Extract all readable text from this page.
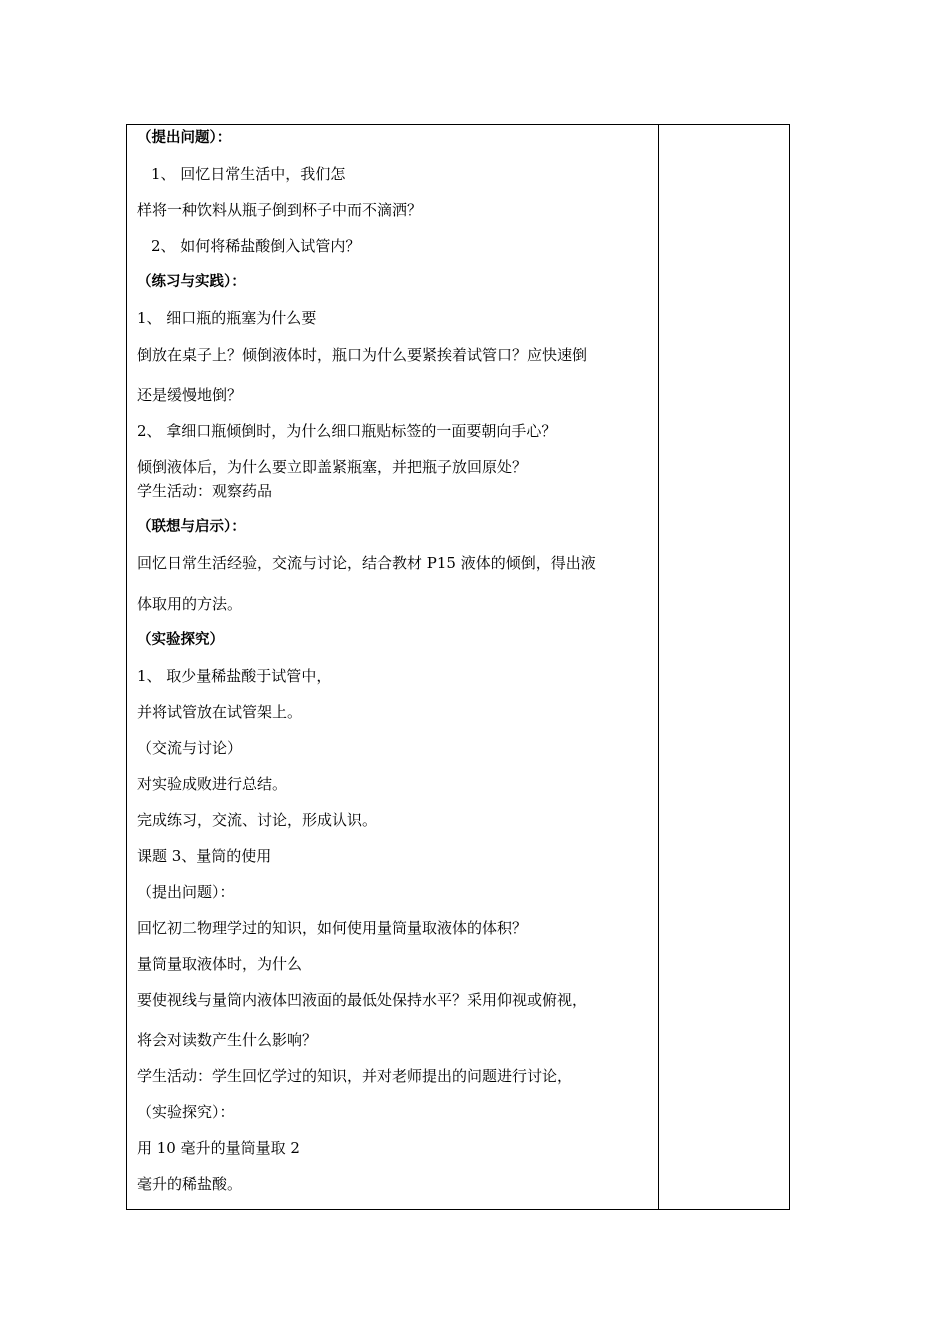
（提出问题）：
1、 回忆日常生活中，我们怎
样将一种饮料从瓶子倒到杯子中而不滴洒？
2、 如何将稀盐酸倒入试管内？
（练习与实践）：
1、 细口瓶的瓶塞为什么要
倒放在桌子上？倾倒液体时，瓶口为什么要紧挨着试管口？应快速倒
还是缓慢地倒？
2、 拿细口瓶倾倒时，为什么细口瓶贴标签的一面要朝向手心？
倾倒液体后，为什么要立即盖紧瓶塞，并把瓶子放回原处？
学生活动：观察药品
（联想与启示）：
回忆日常生活经验，交流与讨论，结合教材 P15 液体的倾倒，得出液
体取用的方法。
（实验探究）
1、 取少量稀盐酸于试管中，
并将试管放在试管架上。
（交流与讨论）
对实验成败进行总结。
完成练习，交流、讨论，形成认识。
课题 3、量筒的使用
（提出问题）：
回忆初二物理学过的知识，如何使用量筒量取液体的体积？
量筒量取液体时，为什么
要使视线与量筒内液体凹液面的最低处保持水平？采用仰视或俯视，
将会对读数产生什么影响？
学生活动：学生回忆学过的知识，并对老师提出的问题进行讨论，
（实验探究）：
用 10 毫升的量筒量取 2
毫升的稀盐酸。
